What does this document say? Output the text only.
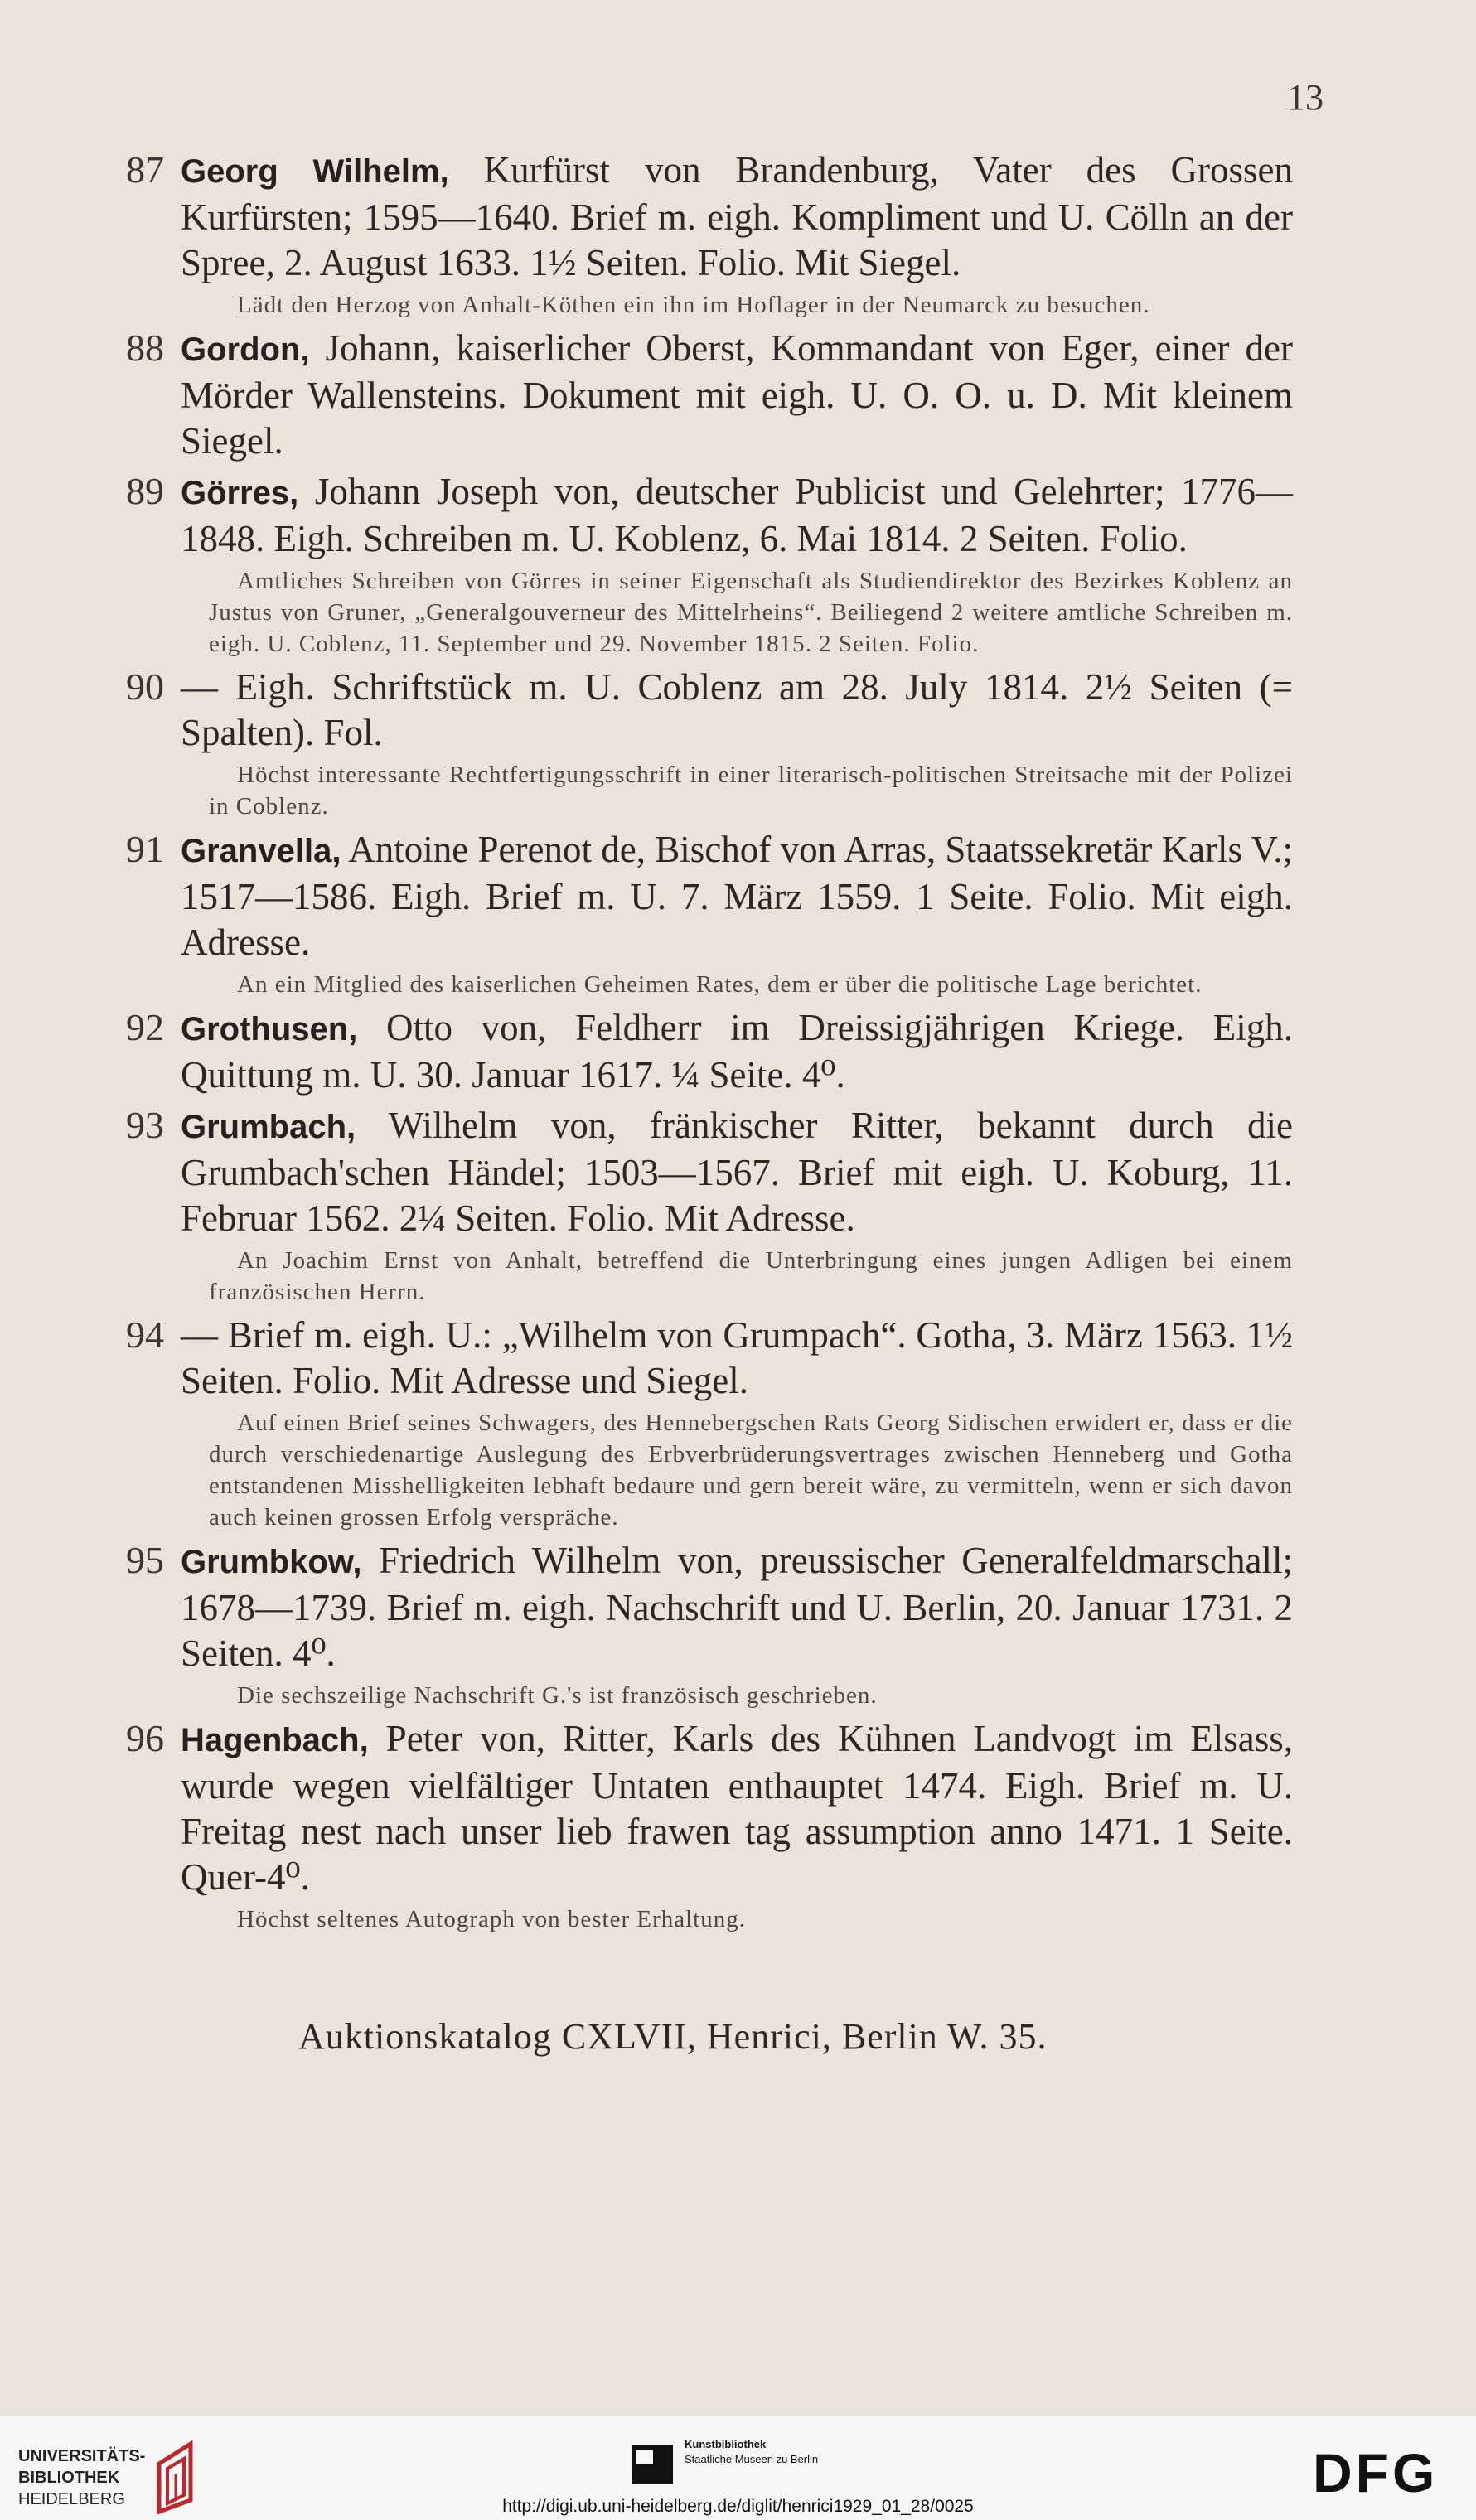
13
87 Georg Wilhelm, Kurfürst von Brandenburg, Vater des Grossen Kurfürsten; 1595—1640. Brief m. eigh. Kompliment und U. Cölln an der Spree, 2. August 1633. 1½ Seiten. Folio. Mit Siegel.
Lädt den Herzog von Anhalt-Köthen ein ihn im Hoflager in der Neumarck zu besuchen.
88 Gordon, Johann, kaiserlicher Oberst, Kommandant von Eger, einer der Mörder Wallensteins. Dokument mit eigh. U. O. O. u. D. Mit kleinem Siegel.
89 Görres, Johann Joseph von, deutscher Publicist und Gelehrter; 1776—1848. Eigh. Schreiben m. U. Koblenz, 6. Mai 1814. 2 Seiten. Folio.
Amtliches Schreiben von Görres in seiner Eigenschaft als Studiendirektor des Bezirkes Koblenz an Justus von Gruner, „Generalgouverneur des Mittelrheins“. Beiliegend 2 weitere amtliche Schreiben m. eigh. U. Coblenz, 11. September und 29. November 1815. 2 Seiten. Folio.
90 — Eigh. Schriftstück m. U. Coblenz am 28. July 1814. 2½ Seiten (= Spalten). Fol.
Höchst interessante Rechtfertigungsschrift in einer literarisch-politischen Streitsache mit der Polizei in Coblenz.
91 Granvella, Antoine Perenot de, Bischof von Arras, Staatssekretär Karls V.; 1517—1586. Eigh. Brief m. U. 7. März 1559. 1 Seite. Folio. Mit eigh. Adresse.
An ein Mitglied des kaiserlichen Geheimen Rates, dem er über die politische Lage berichtet.
92 Grothusen, Otto von, Feldherr im Dreissigjährigen Kriege. Eigh. Quittung m. U. 30. Januar 1617. ¼ Seite. 4⁰.
93 Grumbach, Wilhelm von, fränkischer Ritter, bekannt durch die Grumbach'schen Händel; 1503—1567. Brief mit eigh. U. Koburg, 11. Februar 1562. 2¼ Seiten. Folio. Mit Adresse.
An Joachim Ernst von Anhalt, betreffend die Unterbringung eines jungen Adligen bei einem französischen Herrn.
94 — Brief m. eigh. U.: „Wilhelm von Grumpach“. Gotha, 3. März 1563. 1½ Seiten. Folio. Mit Adresse und Siegel.
Auf einen Brief seines Schwagers, des Hennebergschen Rats Georg Sidischen erwidert er, dass er die durch verschiedenartige Auslegung des Erbverbrüderungsvertrages zwischen Henneberg und Gotha entstandenen Misshelligkeiten lebhaft bedaure und gern bereit wäre, zu vermitteln, wenn er sich davon auch keinen grossen Erfolg verspräche.
95 Grumbkow, Friedrich Wilhelm von, preussischer Generalfeldmarschall; 1678—1739. Brief m. eigh. Nachschrift und U. Berlin, 20. Januar 1731. 2 Seiten. 4⁰.
Die sechszeilige Nachschrift G.'s ist französisch geschrieben.
96 Hagenbach, Peter von, Ritter, Karls des Kühnen Landvogt im Elsass, wurde wegen vielfältiger Untaten enthauptet 1474. Eigh. Brief m. U. Freitag nest nach unser lieb frawen tag assumption anno 1471. 1 Seite. Quer-4⁰.
Höchst seltenes Autograph von bester Erhaltung.
Auktionskatalog CXLVII, Henrici, Berlin W. 35.
UNIVERSITÄTS-
BIBLIOTHEK
HEIDELBERG
Kunstbibliothek
Staatliche Museen zu Berlin	DFG
http://digi.ub.uni-heidelberg.de/diglit/henrici1929_01_28/0025
